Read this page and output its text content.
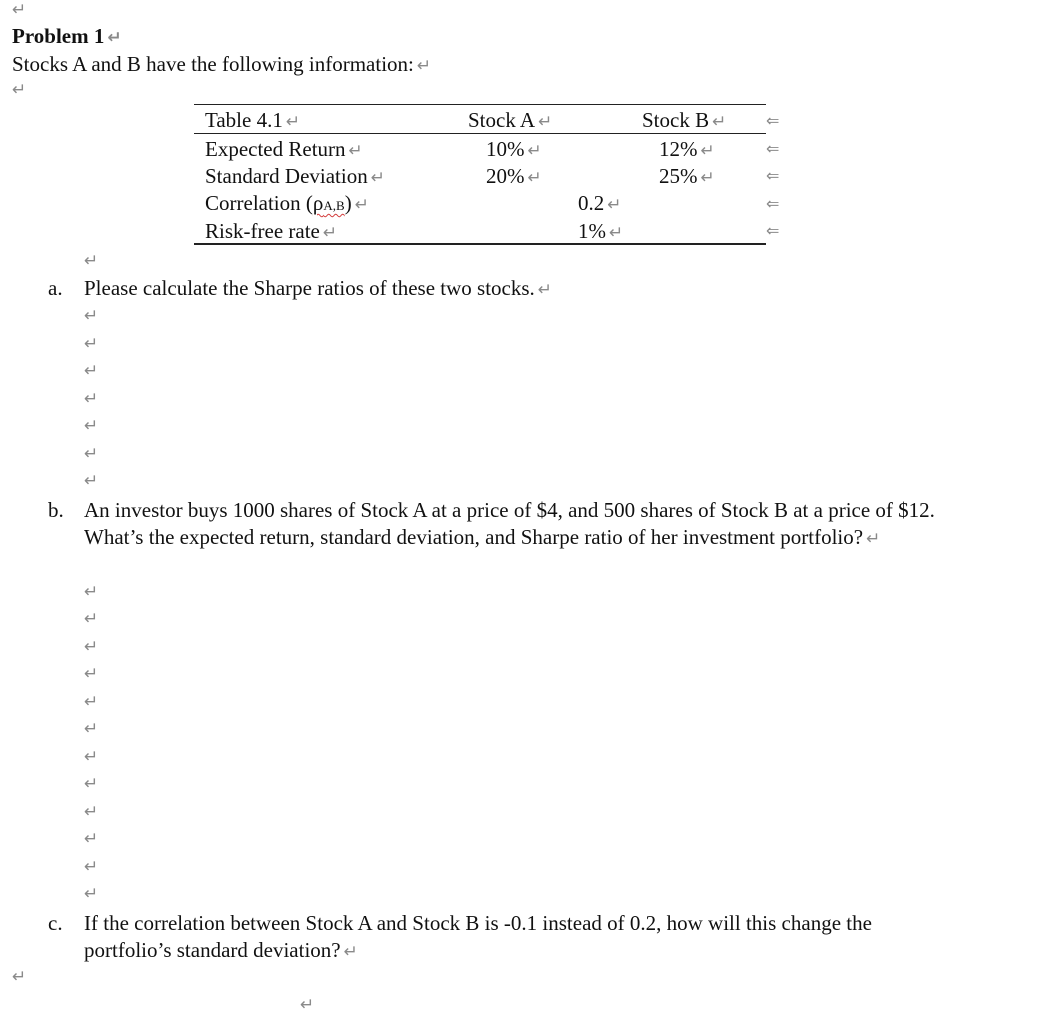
↵
Problem 1 ↵
Stocks A and B have the following information: ↵
↵
Table 4.1 ↵	Stock A ↵	Stock B ↵
Expected Return ↵	10% ↵	12% ↵
Standard Deviation ↵	20% ↵	25% ↵
Correlation (ρA,B) ↵	0.2 ↵
Risk-free rate ↵	1% ↵
⇐
⇐
⇐
⇐
⇐
↵
a. Please calculate the Sharpe ratios of these two stocks. ↵
↵
↵
↵
↵
↵
↵
↵
b. An investor buys 1000 shares of Stock A at a price of $4, and 500 shares of Stock B at a price of $12. What’s the expected return, standard deviation, and Sharpe ratio of her investment portfolio? ↵
↵
↵
↵
↵
↵
↵
↵
↵
↵
↵
↵
↵
c. If the correlation between Stock A and Stock B is -0.1 instead of 0.2, how will this change the portfolio’s standard deviation? ↵
↵
↵
